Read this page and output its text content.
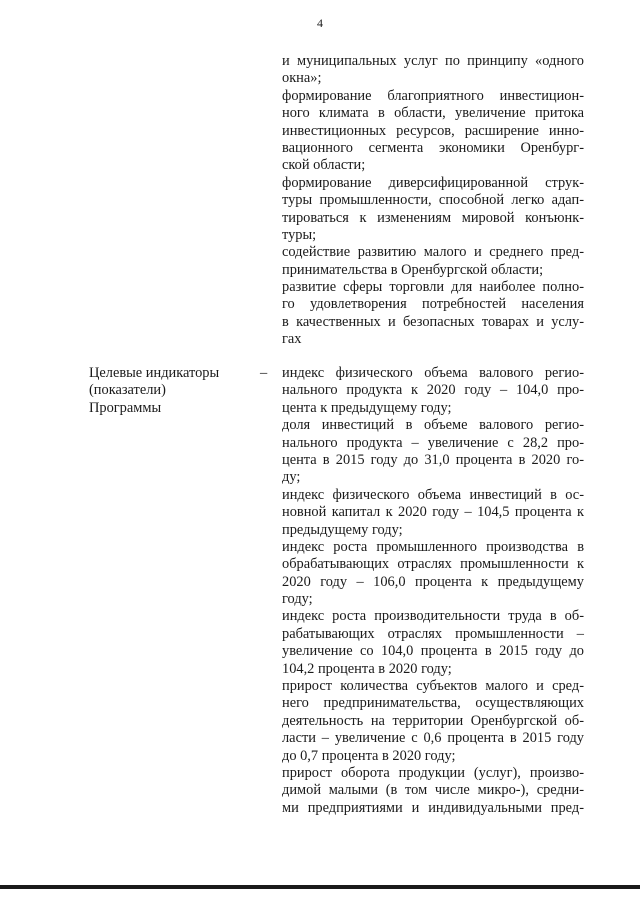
4
и муниципальных услуг по принципу «одного
окна»;
формирование благоприятного инвестицион-
ного климата в области, увеличение притока
инвестиционных ресурсов, расширение инно-
вационного сегмента экономики Оренбург-
ской области;
формирование диверсифицированной струк-
туры промышленности, способной легко адап-
тироваться к изменениям мировой конъюнк-
туры;
содействие развитию малого и среднего пред-
принимательства в Оренбургской области;
развитие сферы торговли для наиболее полно-
го удовлетворения потребностей населения
в качественных и безопасных товарах и услу-
гах
Целевые индикаторы
(показатели)
Программы
– индекс физического объема валового регио-
нального продукта к 2020 году – 104,0 про-
цента к предыдущему году;
доля инвестиций в объеме валового регио-
нального продукта – увеличение с 28,2 про-
цента в 2015 году до 31,0 процента в 2020 го-
ду;
индекс физического объема инвестиций в ос-
новной капитал к 2020 году – 104,5 процента к
предыдущему году;
индекс роста промышленного производства в
обрабатывающих отраслях промышленности к
2020 году – 106,0 процента к предыдущему
году;
индекс роста производительности труда в об-
рабатывающих отраслях промышленности –
увеличение со 104,0 процента в 2015 году до
104,2 процента в 2020 году;
прирост количества субъектов малого и сред-
него предпринимательства, осуществляющих
деятельность на территории Оренбургской об-
ласти – увеличение с 0,6 процента в 2015 году
до 0,7 процента в 2020 году;
прирост оборота продукции (услуг), произво-
димой малыми (в том числе микро-), средни-
ми предприятиями и индивидуальными пред-
